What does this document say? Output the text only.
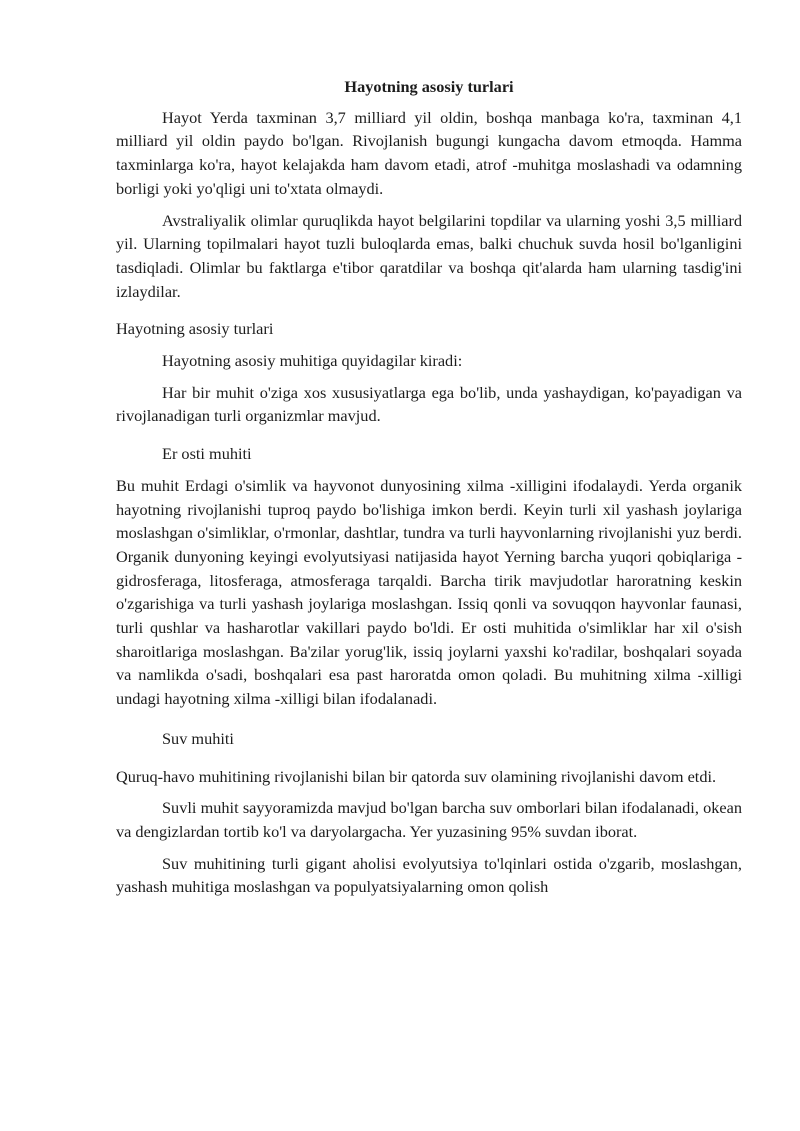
Hayotning asosiy turlari
Hayot Yerda taxminan 3,7 milliard yil oldin, boshqa manbaga ko'ra, taxminan 4,1 milliard yil oldin paydo bo'lgan. Rivojlanish bugungi kungacha davom etmoqda. Hamma taxminlarga ko'ra, hayot kelajakda ham davom etadi, atrof -muhitga moslashadi va odamning borligi yoki yo'qligi uni to'xtata olmaydi.
Avstraliyalik olimlar quruqlikda hayot belgilarini topdilar va ularning yoshi 3,5 milliard yil. Ularning topilmalari hayot tuzli buloqlarda emas, balki chuchuk suvda hosil bo'lganligini tasdiqladi. Olimlar bu faktlarga e'tibor qaratdilar va boshqa qit'alarda ham ularning tasdig'ini izlaydilar.
Hayotning asosiy turlari
Hayotning asosiy muhitiga quyidagilar kiradi:
Har bir muhit o'ziga xos xususiyatlarga ega bo'lib, unda yashaydigan, ko'payadigan va rivojlanadigan turli organizmlar mavjud.
Er osti muhiti
Bu muhit Erdagi o'simlik va hayvonot dunyosining xilma -xilligini ifodalaydi. Yerda organik hayotning rivojlanishi tuproq paydo bo'lishiga imkon berdi. Keyin turli xil yashash joylariga moslashgan o'simliklar, o'rmonlar, dashtlar, tundra va turli hayvonlarning rivojlanishi yuz berdi. Organik dunyoning keyingi evolyutsiyasi natijasida hayot Yerning barcha yuqori qobiqlariga - gidrosferaga, litosferaga, atmosferaga tarqaldi. Barcha tirik mavjudotlar haroratning keskin o'zgarishiga va turli yashash joylariga moslashgan. Issiq qonli va sovuqqon hayvonlar faunasi, turli qushlar va hasharotlar vakillari paydo bo'ldi. Er osti muhitida o'simliklar har xil o'sish sharoitlariga moslashgan. Ba'zilar yorug'lik, issiq joylarni yaxshi ko'radilar, boshqalari soyada va namlikda o'sadi, boshqalari esa past haroratda omon qoladi. Bu muhitning xilma -xilligi undagi hayotning xilma -xilligi bilan ifodalanadi.
Suv muhiti
Quruq-havo muhitining rivojlanishi bilan bir qatorda suv olamining rivojlanishi davom etdi.
Suvli muhit sayyoramizda mavjud bo'lgan barcha suv omborlari bilan ifodalanadi, okean va dengizlardan tortib ko'l va daryolargacha. Yer yuzasining 95% suvdan iborat.
Suv muhitining turli gigant aholisi evolyutsiya to'lqinlari ostida o'zgarib, moslashgan, yashash muhitiga moslashgan va populyatsiyalarning omon qolish
